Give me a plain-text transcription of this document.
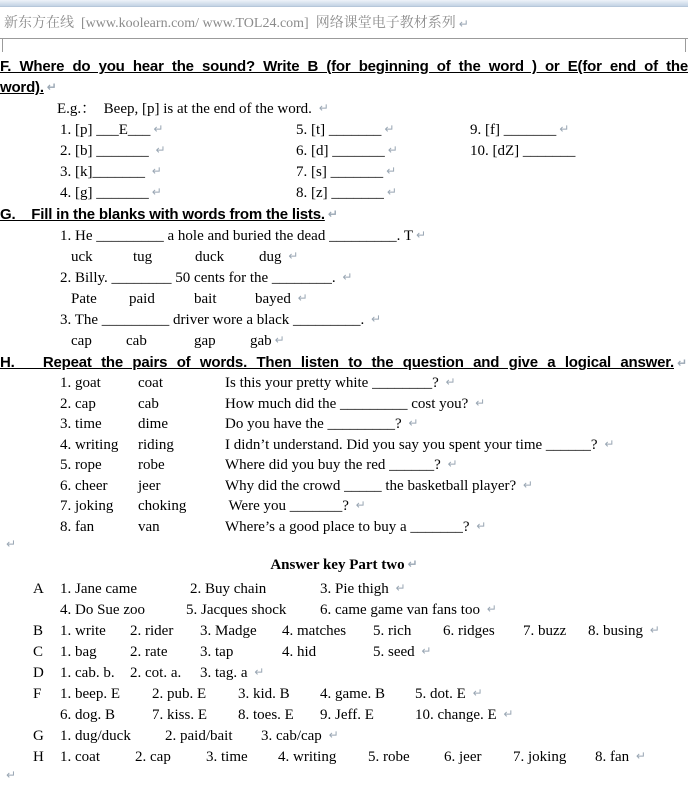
新东方在线  [www.koolearn.com/ www.TOL24.com]  网络课堂电子教材系列 ↵
F. Where do you hear the sound? Write B (for beginning of the word ) or E(for end of the
word). ↵
E.g.：  Beep, [p] is at the end of the word. ↵
1. [p] ___E___ ↵	5. [t] _______ ↵	9. [f] _______ ↵
2. [b] _______ ↵	6. [d] _______ ↵	10. [dZ] _______
3. [k]_______ ↵	7. [s] _______ ↵
4. [g] _______ ↵	8. [z] _______ ↵
G.    Fill in the blanks with words from the lists. ↵
1. He _________ a hole and buried the dead _________. T ↵
uck	tug	duck dug ↵
2. Billy. ________ 50 cents for the ________. ↵
Pate paid	bait	bayed ↵
3. The _________ driver wore a black _________. ↵
cap cab	gap gab ↵
H.   Repeat the pairs of words. Then listen to the question and give a logical answer. ↵
1. goat coat	Is this your pretty white ________? ↵
2. cap	cab	How much did the _________ cost you? ↵
3. time dime	Do you have the _________? ↵
4. writing riding	I didn’t understand. Did you say you spent your time ______? ↵
5. rope robe	Where did you buy the red ______? ↵
6. cheer jeer	Why did the crowd _____ the basketball player? ↵
7. joking choking	Were you _______? ↵
8. fan	van	Where’s a good place to buy a _______? ↵
↵
Answer key Part two ↵
A 1. Jane came	2. Buy chain	3. Pie thigh ↵
4. Do Sue zoo	5. Jacques shock 6. came game van fans too ↵
B 1. write 2. rider 3. Madge 4. matches 5. rich 6. ridges 7. buzz 8. busing ↵
C 1. bag 2. rate 3. tap	4. hid	5. seed ↵
D 1. cab. b. 2. cot. a. 3. tag. a ↵
F 1. beep. E 2. pub. E 3. kid. B 4. game. B 5. dot. E ↵
6. dog. B 7. kiss. E 8. toes. E 9. Jeff. E	10. change. E ↵
G 1. dug/duck 2. paid/bait 3. cab/cap ↵
H 1. coat 2. cap 3. time 4. writing 5. robe 6. jeer 7. joking 8. fan ↵
↵
